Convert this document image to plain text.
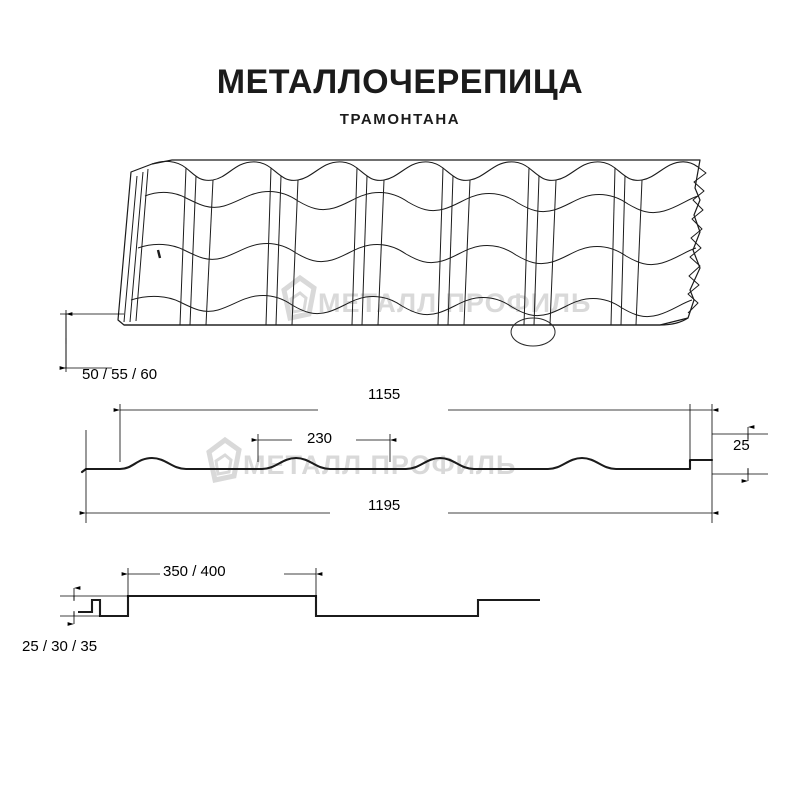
МЕТАЛЛОЧЕРЕПИЦА
ТРАМОНТАНА
МЕТАЛЛ ПРОФИЛЬ
МЕТАЛЛ ПРОФИЛЬ
50 / 55 / 60
1155
230	25
1195
350 / 400
25 / 30 / 35
